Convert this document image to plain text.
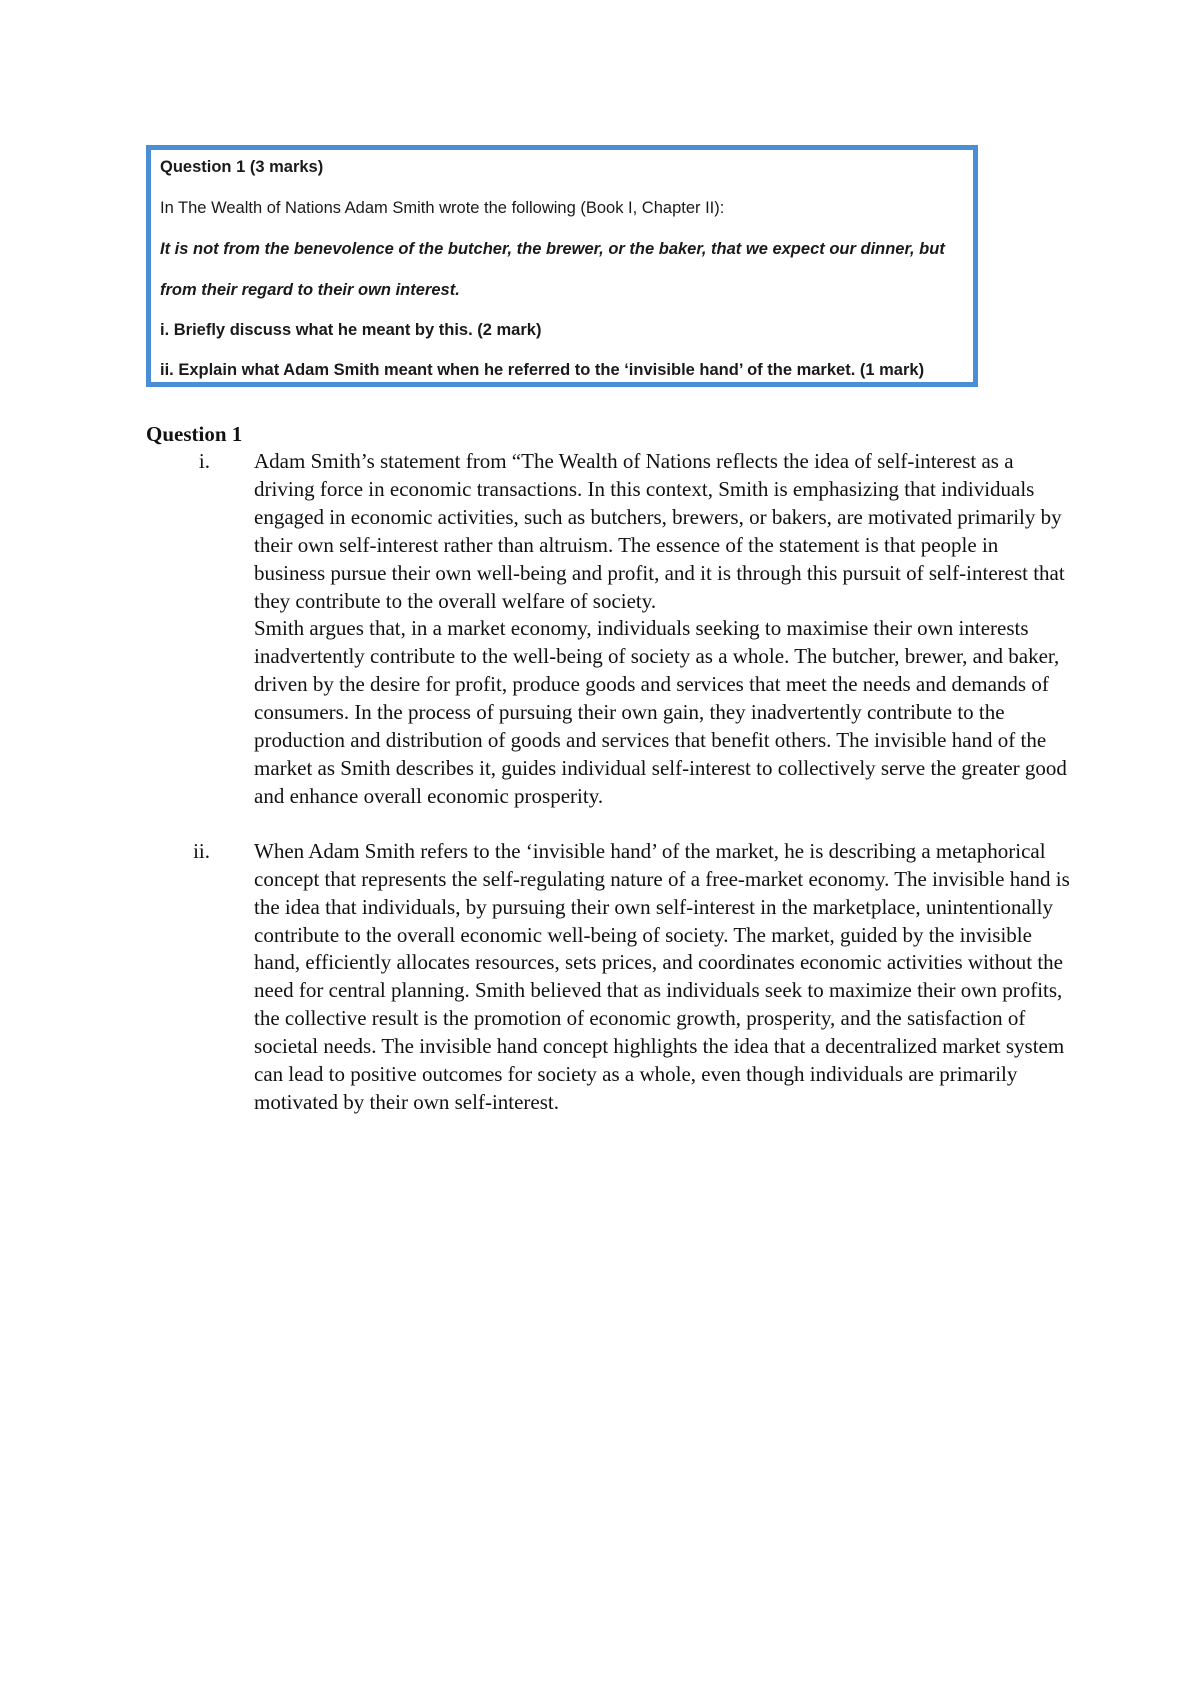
Question 1 (3 marks)
In The Wealth of Nations Adam Smith wrote the following (Book I, Chapter II):
It is not from the benevolence of the butcher, the brewer, or the baker, that we expect our dinner, but
from their regard to their own interest.
i. Briefly discuss what he meant by this. (2 mark)
ii. Explain what Adam Smith meant when he referred to the ‘invisible hand’ of the market. (1 mark)

Question 1

i. Adam Smith’s statement from “The Wealth of Nations reflects the idea of self-interest as a driving force in economic transactions. In this context, Smith is emphasizing that individuals engaged in economic activities, such as butchers, brewers, or bakers, are motivated primarily by their own self-interest rather than altruism. The essence of the statement is that people in business pursue their own well-being and profit, and it is through this pursuit of self-interest that they contribute to the overall welfare of society.

Smith argues that, in a market economy, individuals seeking to maximise their own interests inadvertently contribute to the well-being of society as a whole. The butcher, brewer, and baker, driven by the desire for profit, produce goods and services that meet the needs and demands of consumers. In the process of pursuing their own gain, they inadvertently contribute to the production and distribution of goods and services that benefit others. The invisible hand of the market as Smith describes it, guides individual self-interest to collectively serve the greater good and enhance overall economic prosperity.

ii. When Adam Smith refers to the ‘invisible hand’ of the market, he is describing a metaphorical concept that represents the self-regulating nature of a free-market economy. The invisible hand is the idea that individuals, by pursuing their own self-interest in the marketplace, unintentionally contribute to the overall economic well-being of society. The market, guided by the invisible hand, efficiently allocates resources, sets prices, and coordinates economic activities without the need for central planning. Smith believed that as individuals seek to maximize their own profits, the collective result is the promotion of economic growth, prosperity, and the satisfaction of societal needs. The invisible hand concept highlights the idea that a decentralized market system can lead to positive outcomes for society as a whole, even though individuals are primarily motivated by their own self-interest.
